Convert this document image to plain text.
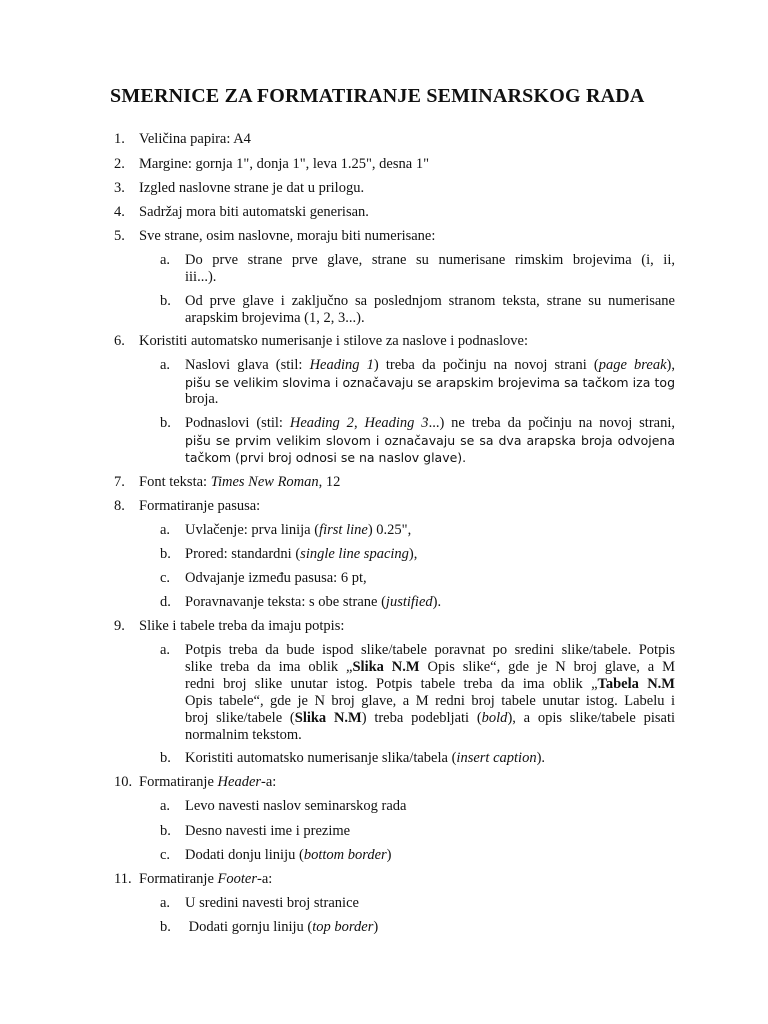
SMERNICE ZA FORMATIRANJE SEMINARSKOG RADA
1. Veličina papira: A4
2. Margine: gornja 1", donja 1", leva 1.25", desna 1"
3. Izgled naslovne strane je dat u prilogu.
4. Sadržaj mora biti automatski generisan.
5. Sve strane, osim naslovne, moraju biti numerisane:
a.	Do prve strane prve glave, strane su numerisane rimskim brojevima (i, ii,
iii...).
b. Od prve glave i zaključno sa poslednjom stranom teksta, strane su numerisane
arapskim brojevima (1, 2, 3...).
6. Koristiti automatsko numerisanje i stilove za naslove i podnaslove:
a.	Naslovi glava (stil: Heading 1) treba da počinju na novoj strani (page break),
pišu se velikim slovima i označavaju se arapskim brojevima sa tačkom iza tog
broja.
b. Podnaslovi (stil: Heading 2, Heading 3...) ne treba da počinju na novoj strani,
pišu se prvim velikim slovom i označavaju se sa dva arapska broja odvojena
tačkom (prvi broj odnosi se na naslov glave).
7. Font teksta: Times New Roman, 12
8. Formatiranje pasusa:
a.	Uvlačenje: prva linija (first line) 0.25",
b. Prored: standardni (single line spacing),
c.	Odvajanje između pasusa: 6 pt,
d. Poravnavanje teksta: s obe strane (justified).
9. Slike i tabele treba da imaju potpis:
a.	Potpis treba da bude ispod slike/tabele poravnat po sredini slike/tabele. Potpis
slike treba da ima oblik „Slika N.M Opis slike“, gde je N broj glave, a M
redni broj slike unutar istog. Potpis tabele treba da ima oblik „Tabela N.M
Opis tabele“, gde je N broj glave, a M redni broj tabele unutar istog. Labelu i
broj slike/tabele (Slika N.M) treba podebljati (bold), a opis slike/tabele pisati
normalnim tekstom.
b. Koristiti automatsko numerisanje slika/tabela (insert caption).
10. Formatiranje Header-a:
a.	Levo navesti naslov seminarskog rada
b. Desno navesti ime i prezime
c.	Dodati donju liniju (bottom border)
11. Formatiranje Footer-a:
a.	U sredini navesti broj stranice
b. Dodati gornju liniju (top border)
